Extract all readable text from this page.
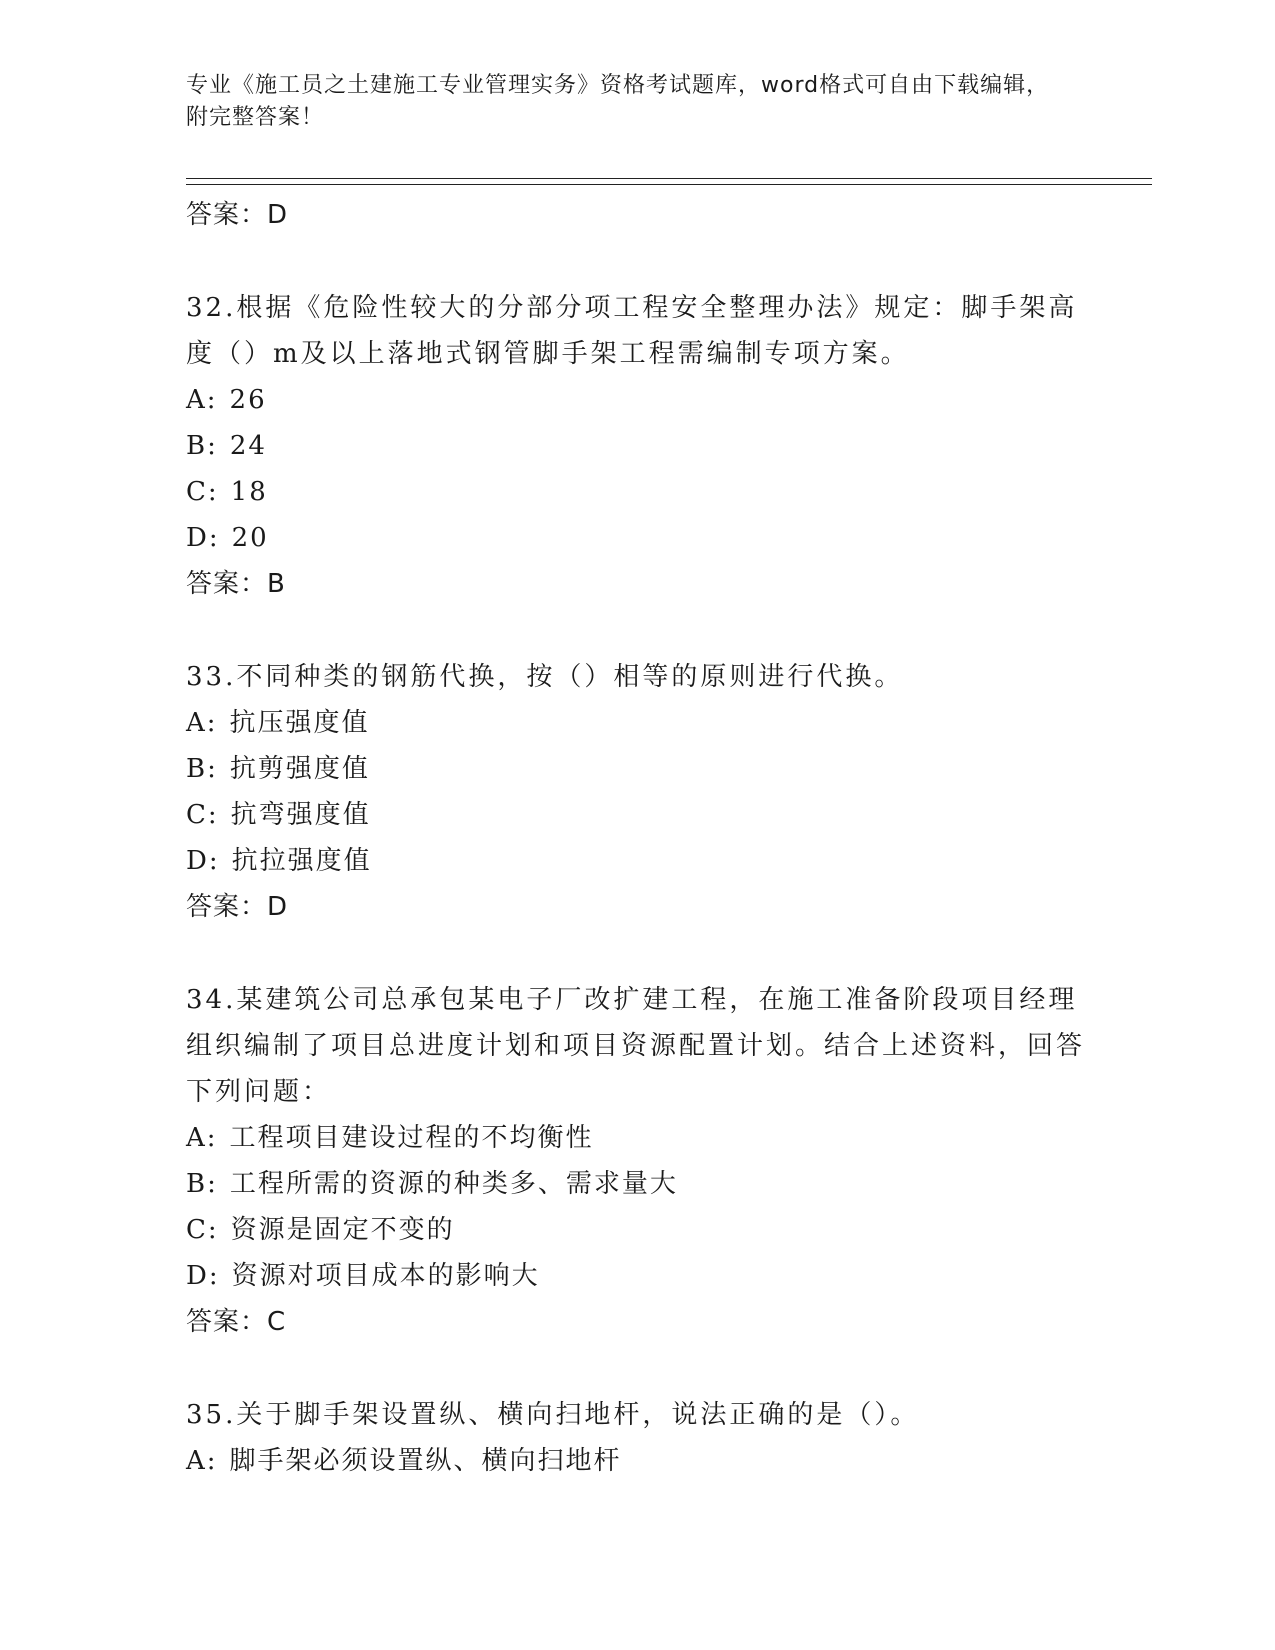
专业《施工员之土建施工专业管理实务》资格考试题库，word格式可自由下载编辑，附完整答案！
答案：D
32.根据《危险性较大的分部分项工程安全整理办法》规定：脚手架高度（）m及以上落地式钢管脚手架工程需编制专项方案。
A: 26
B: 24
C: 18
D: 20
答案：B
33.不同种类的钢筋代换，按（）相等的原则进行代换。
A: 抗压强度值
B: 抗剪强度值
C: 抗弯强度值
D: 抗拉强度值
答案：D
34.某建筑公司总承包某电子厂改扩建工程，在施工准备阶段项目经理组织编制了项目总进度计划和项目资源配置计划。结合上述资料，回答下列问题：
A: 工程项目建设过程的不均衡性
B: 工程所需的资源的种类多、需求量大
C: 资源是固定不变的
D: 资源对项目成本的影响大
答案：C
35.关于脚手架设置纵、横向扫地杆，说法正确的是（）。
A: 脚手架必须设置纵、横向扫地杆
